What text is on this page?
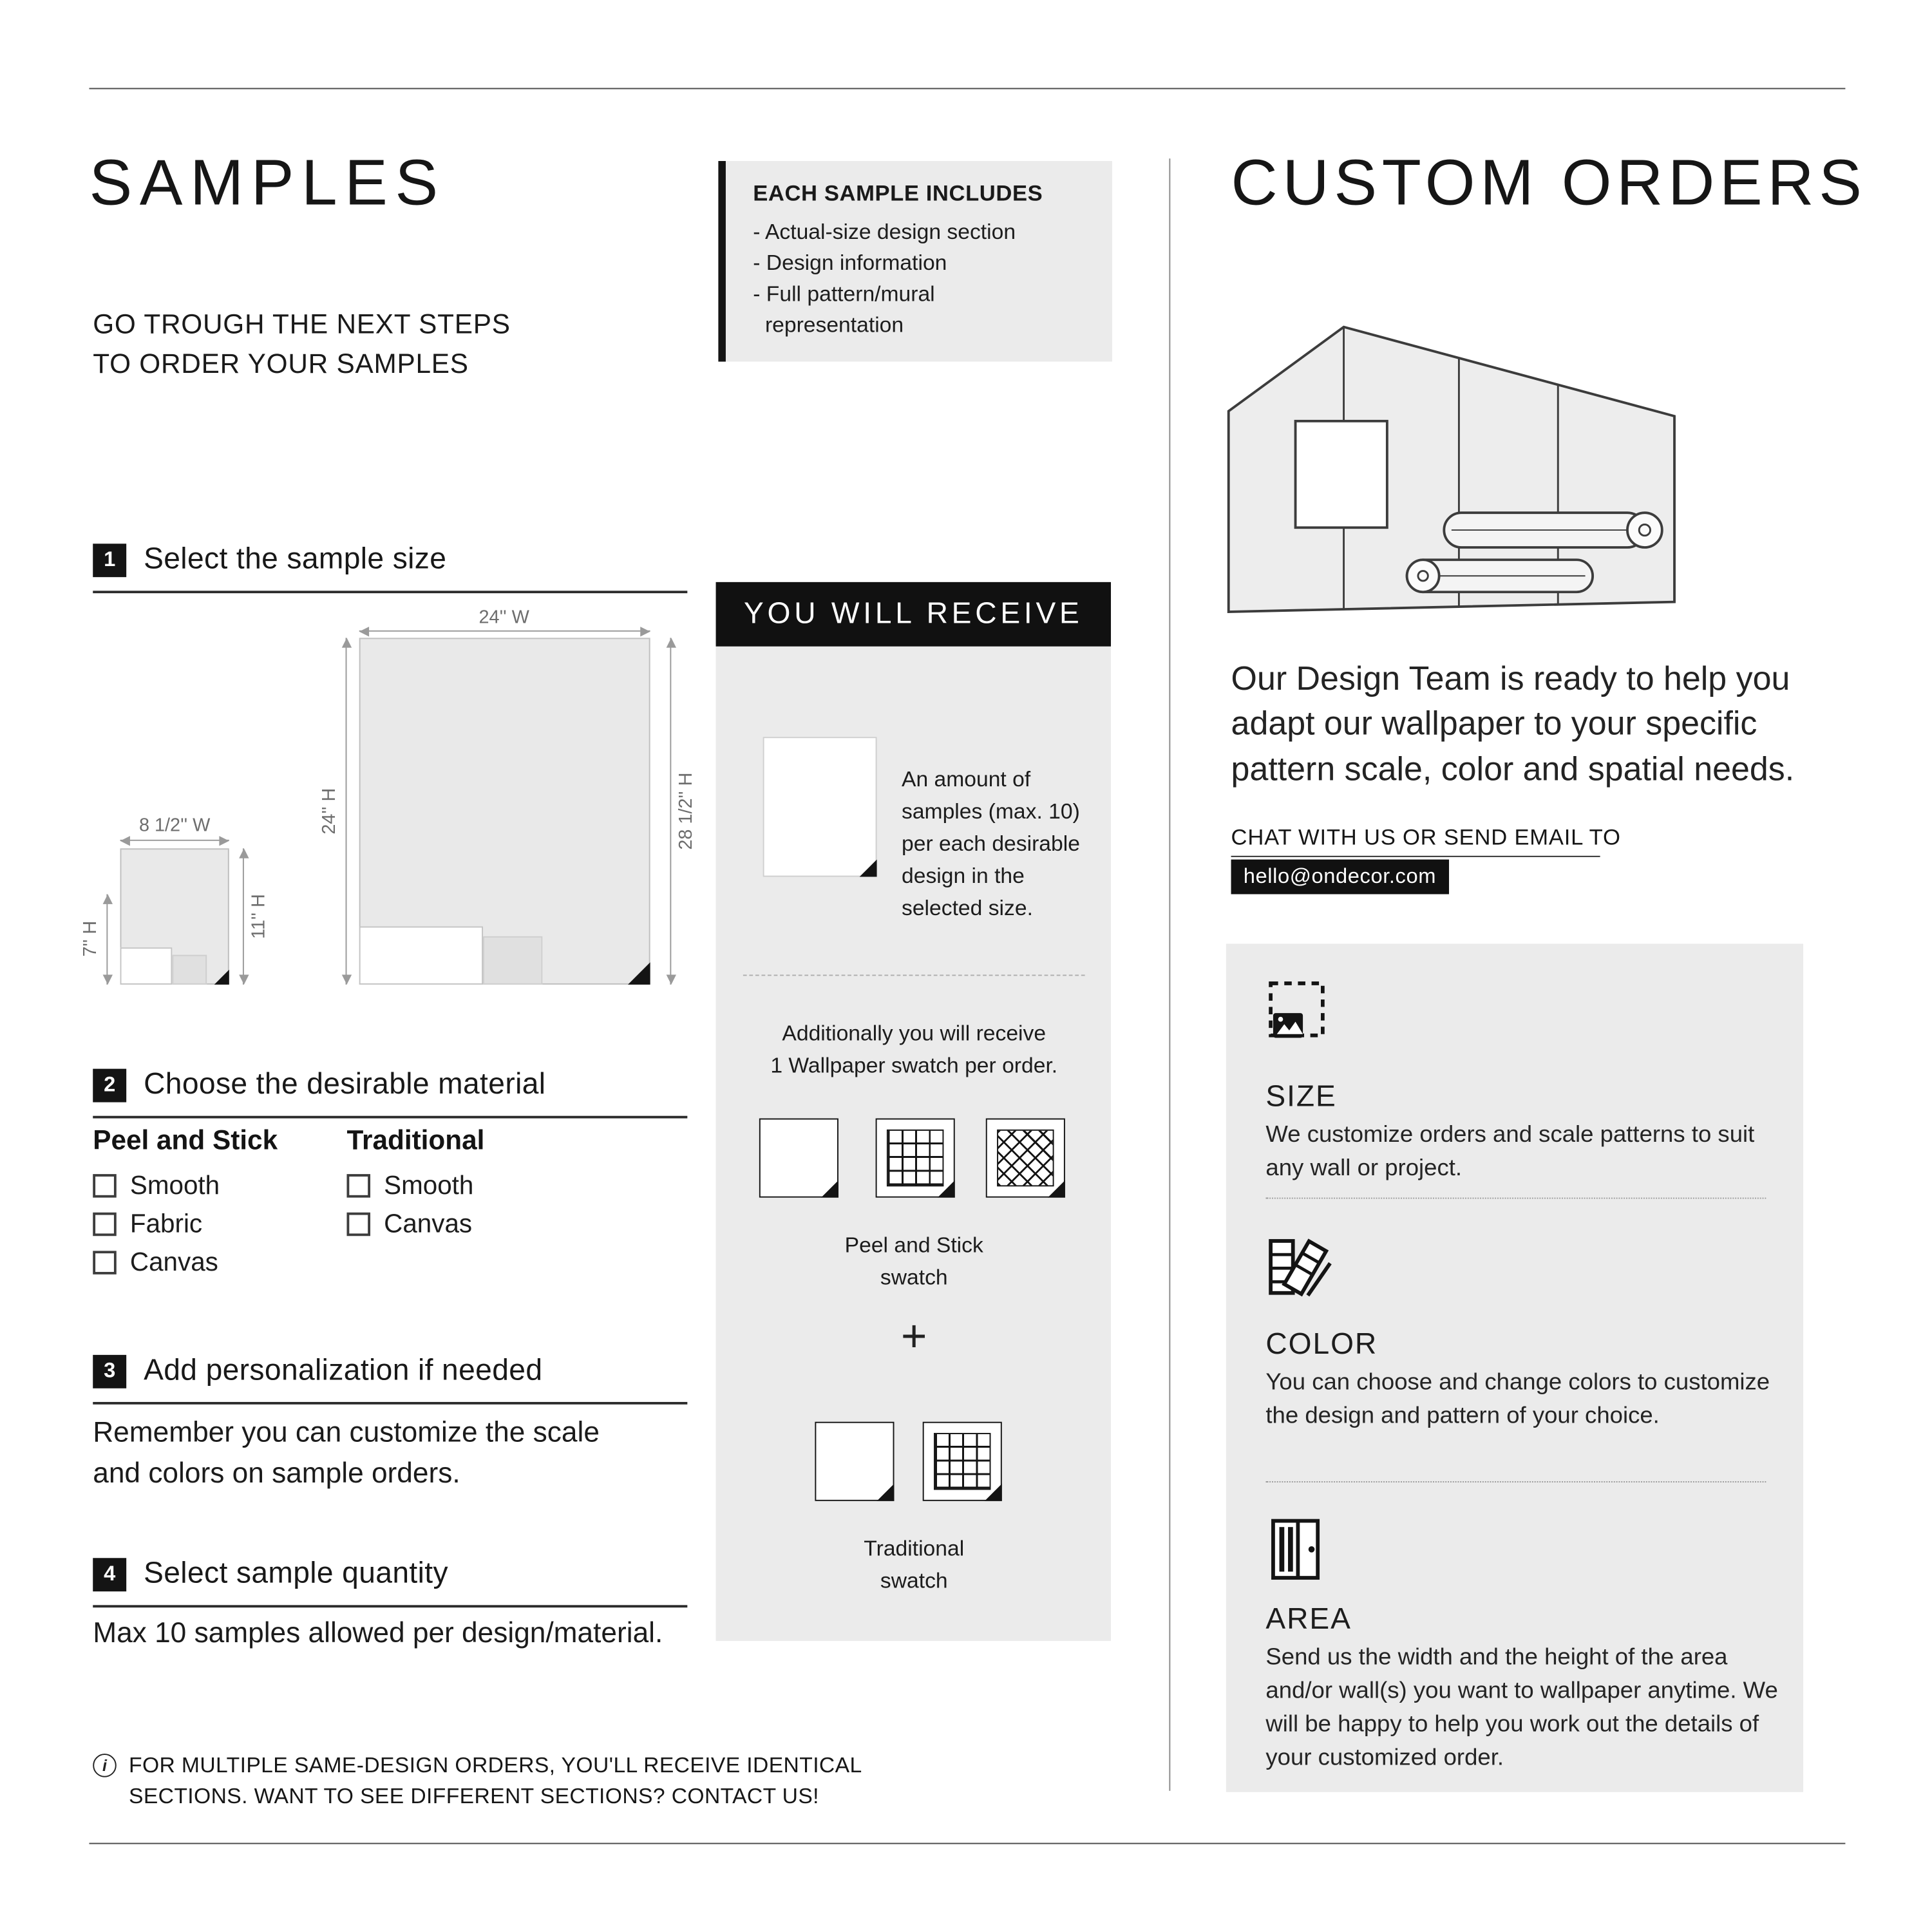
SAMPLES	CUSTOM ORDERS
EACH SAMPLE INCLUDES
- Actual-size design section
- Design information
- Full pattern/mural
representation
GO TROUGH THE NEXT STEPS
TO ORDER YOUR SAMPLES
1	Select the sample size
24'' W
24'' H	28 1/2'' H
8 1/2'' W
7'' H	11'' H
2	Choose the desirable material
Peel and Stick
Smooth
Fabric
Canvas
Traditional
Smooth
Canvas
3	Add personalization if needed
Remember you can customize the scale
and colors on sample orders.
4	Select sample quantity
Max 10 samples allowed per design/material.
YOU WILL RECEIVE
An amount of
samples (max. 10)
per each desirable
design in the
selected size.
Additionally you will receive
1 Wallpaper swatch per order.
Peel and Stick
swatch
+
Traditional
swatch
Our Design Team is ready to help you adapt our wallpaper to your specific pattern scale, color and spatial needs.
CHAT WITH US OR SEND EMAIL TO
hello@ondecor.com
SIZE
We customize orders and scale patterns to suit any wall or project.
COLOR
You can choose and change colors to customize the design and pattern of your choice.
AREA
Send us the width and the height of the area and/or wall(s) you want to wallpaper anytime. We will be happy to help you work out the details of your customized order.
i	FOR MULTIPLE SAME-DESIGN ORDERS, YOU'LL RECEIVE IDENTICAL
SECTIONS. WANT TO SEE DIFFERENT SECTIONS? CONTACT US!
